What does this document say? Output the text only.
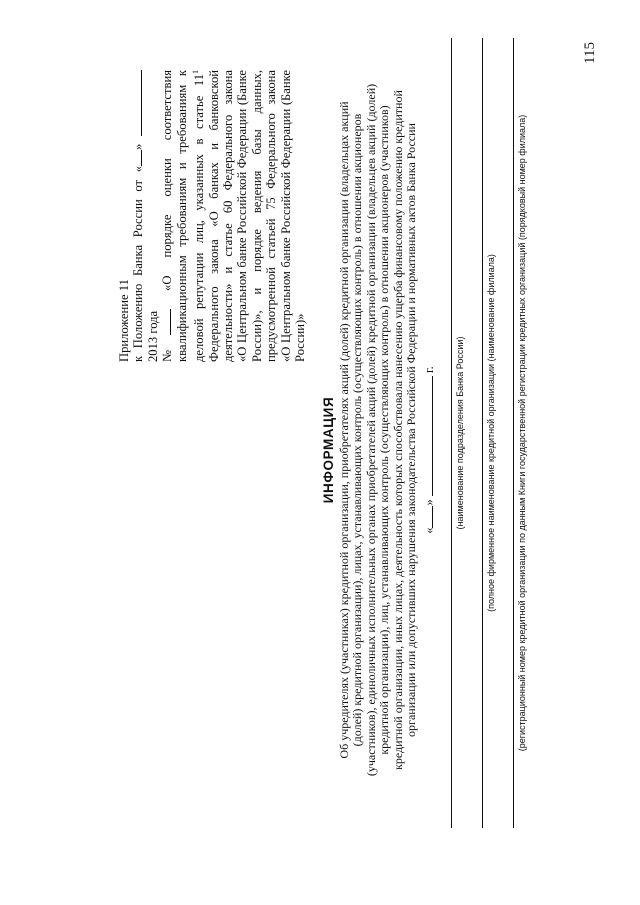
115
Приложение 11 к Положению Банка России от «»  2013 года № «О порядке оценки соответствия квалификационным требованиям и требованиям к деловой репутации лиц, указанных в статье $11^1$ Федерального закона «О банках и банковской деятельности» и статье 60 Федерального закона «О Центральном банке Российской Федерации (Банке России)», и порядке ведения базы данных, предусмотренной статьей 75 Федерального закона «О Центральном банке Российской Федерации (Банке России)»
ИНФОРМАЦИЯ Об учредителях (участниках) кредитной организации, приобретателях акций (долей) кредитной организации (владельцах акций (долей) кредитной организации), лицах, устанавливающих контроль (осуществляющих контроль) в отношении акционеров (участников), единоличных исполнительных органах приобретателей акций (долей) кредитной организации (владельцев акций (долей) кредитной организации), лиц, устанавливающих контроль (осуществляющих контроль) в отношении акционеров (участников) кредитной организации, иных лицах, деятельность которых способствовала нанесению ущерба финансовому положению кредитной организации или допустивших нарушения законодательства Российской Федерации и нормативных актов Банка России «»  г. (наименование подразделения Банка России) (полное фирменное наименование кредитной организации (наименование филиала) (регистрационный номер кредитной организации по данным Книги государственной регистрации кредитных организаций (порядковый номер филиала)
